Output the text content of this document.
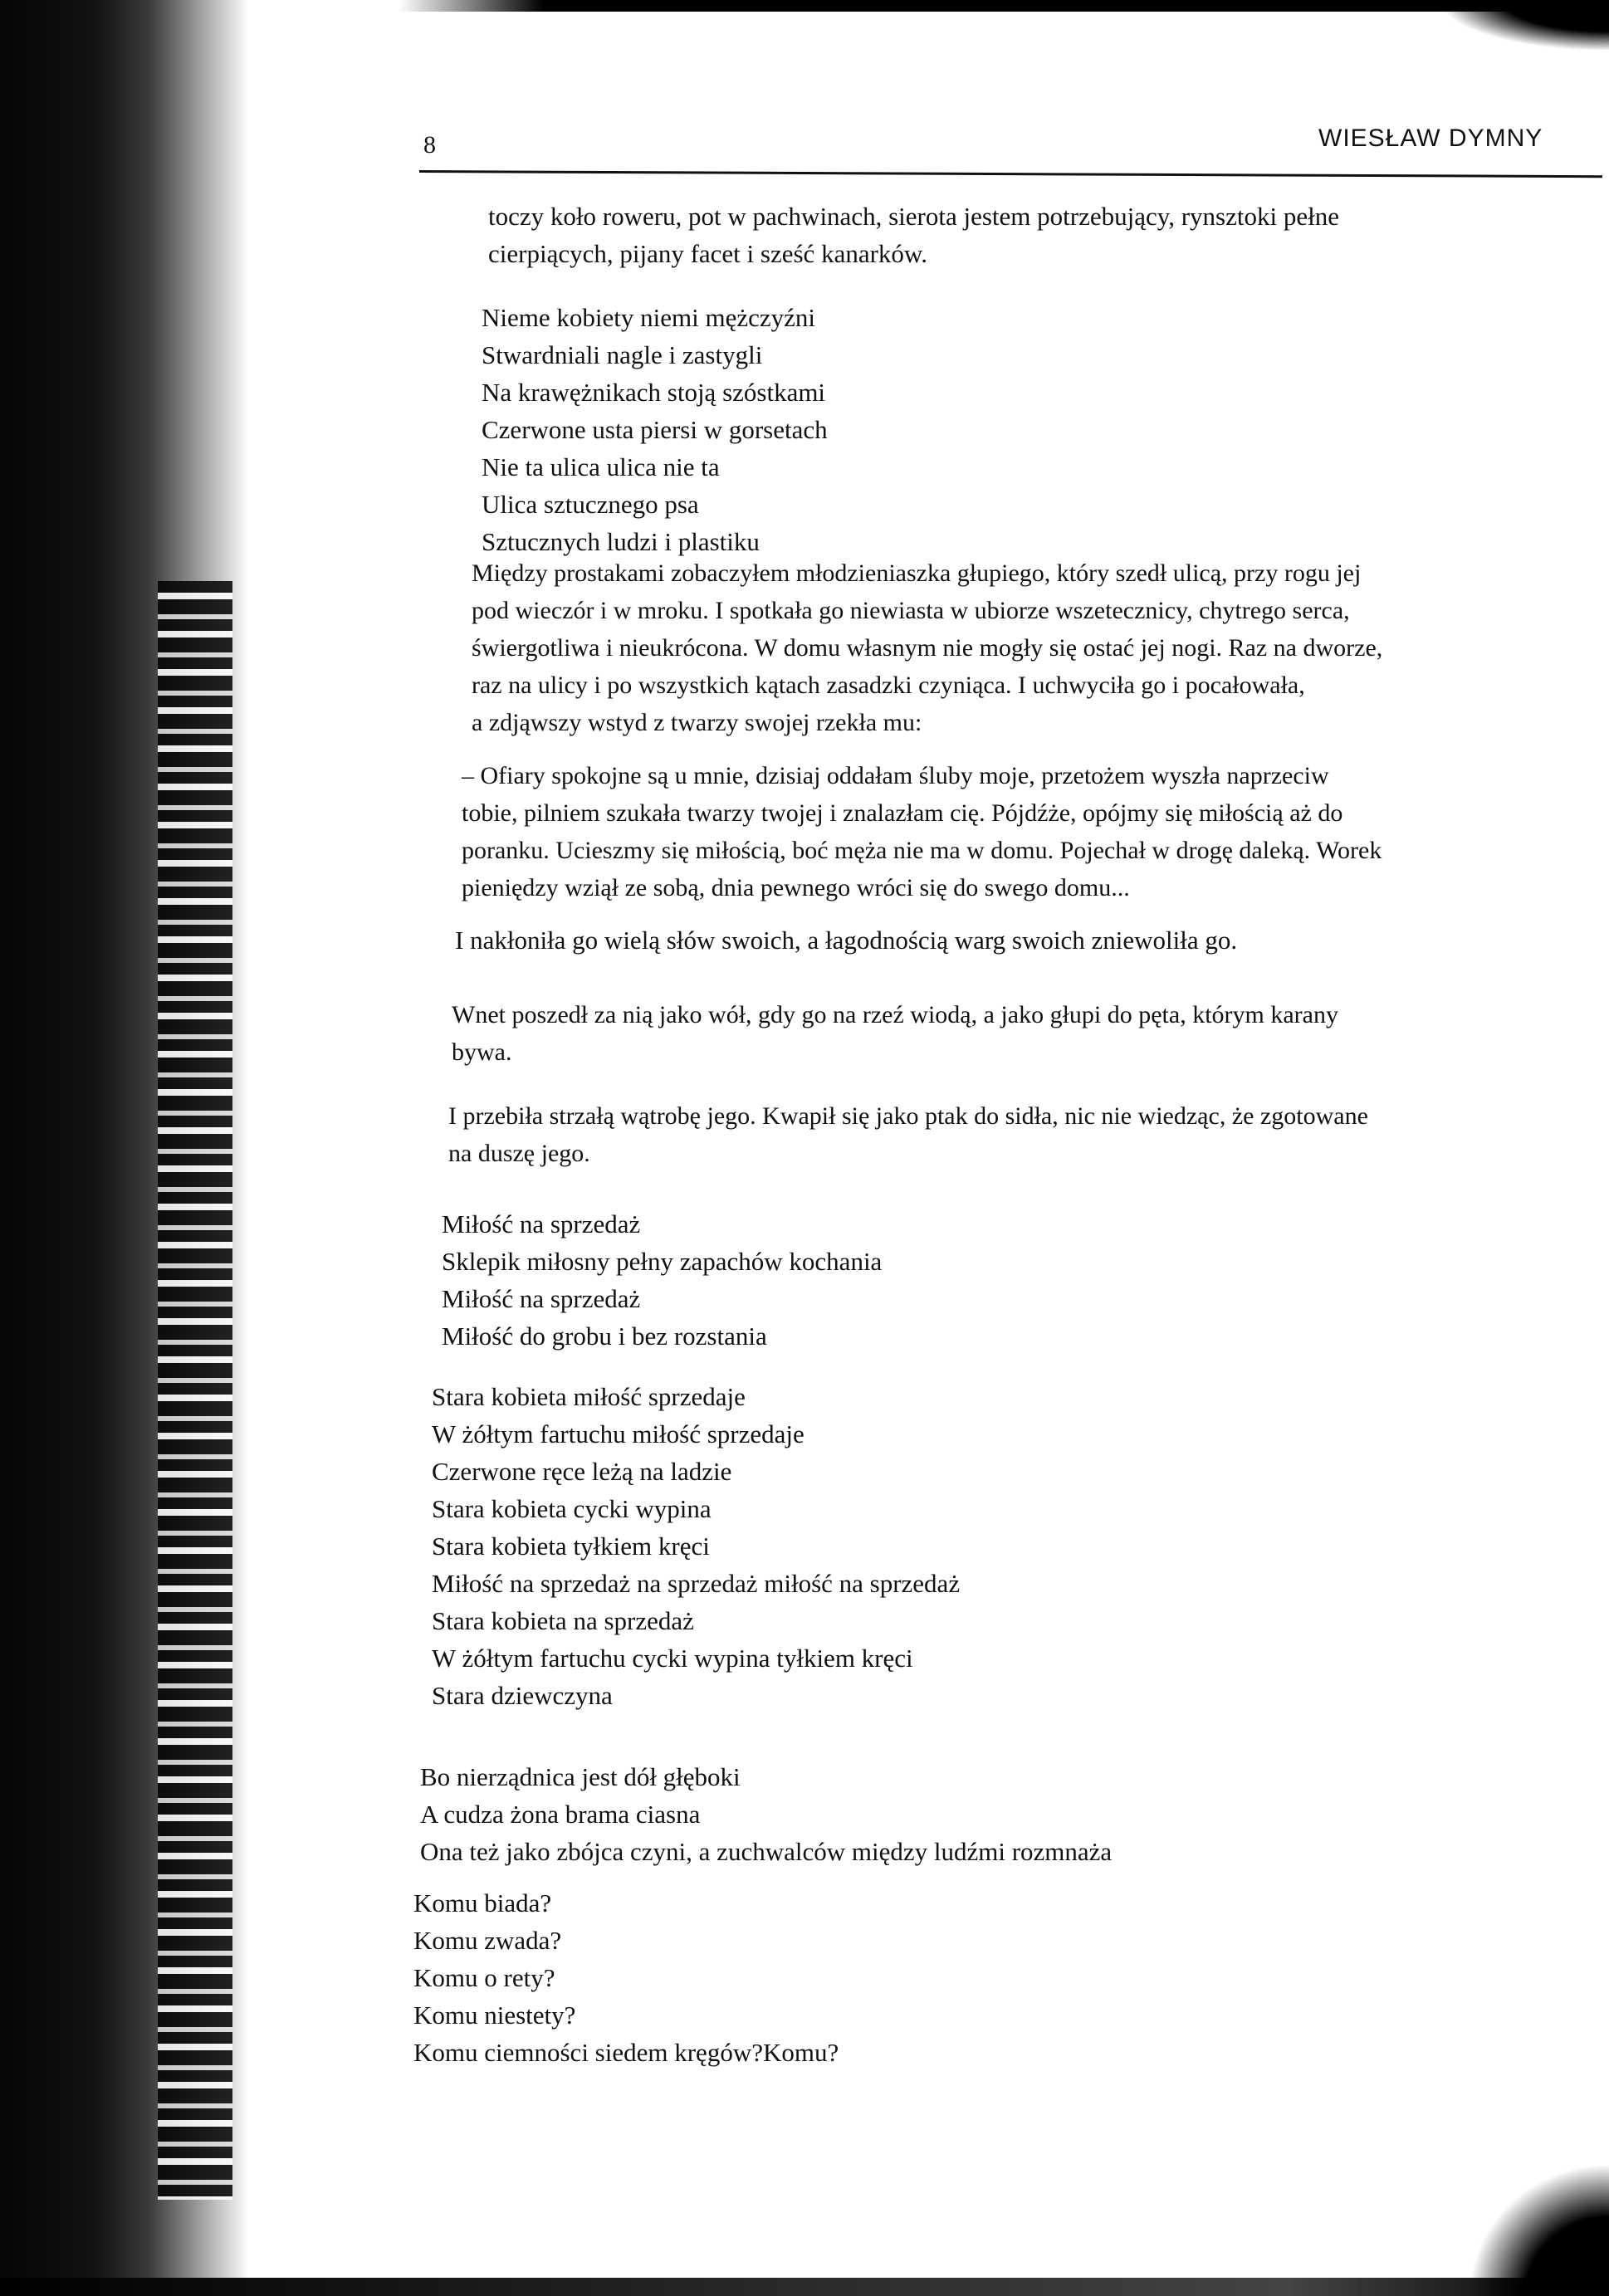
8	WIESŁAW DYMNY
toczy koło roweru, pot w pachwinach, sierota jestem potrzebujący, rynsztoki pełne
cierpiących, pijany facet i sześć kanarków.
Nieme kobiety niemi mężczyźni
Stwardniali nagle i zastygli
Na krawężnikach stoją szóstkami
Czerwone usta piersi w gorsetach
Nie ta ulica ulica nie ta
Ulica sztucznego psa
Sztucznych ludzi i plastiku
Między prostakami zobaczyłem młodzieniaszka głupiego, który szedł ulicą, przy rogu jej
pod wieczór i w mroku. I spotkała go niewiasta w ubiorze wszetecznicy, chytrego serca,
świergotliwa i nieukrócona. W domu własnym nie mogły się ostać jej nogi. Raz na dworze,
raz na ulicy i po wszystkich kątach zasadzki czyniąca. I uchwyciła go i pocałowała,
a zdjąwszy wstyd z twarzy swojej rzekła mu:
– Ofiary spokojne są u mnie, dzisiaj oddałam śluby moje, przetożem wyszła naprzeciw
tobie, pilniem szukała twarzy twojej i znalazłam cię. Pójdźże, opójmy się miłością aż do
poranku. Ucieszmy się miłością, boć męża nie ma w domu. Pojechał w drogę daleką. Worek
pieniędzy wziął ze sobą, dnia pewnego wróci się do swego domu...
I nakłoniła go wielą słów swoich, a łagodnością warg swoich zniewoliła go.
Wnet poszedł za nią jako wół, gdy go na rzeź wiodą, a jako głupi do pęta, którym karany
bywa.
I przebiła strzałą wątrobę jego. Kwapił się jako ptak do sidła, nic nie wiedząc, że zgotowane
na duszę jego.
Miłość na sprzedaż
Sklepik miłosny pełny zapachów kochania
Miłość na sprzedaż
Miłość do grobu i bez rozstania
Stara kobieta miłość sprzedaje
W żółtym fartuchu miłość sprzedaje
Czerwone ręce leżą na ladzie
Stara kobieta cycki wypina
Stara kobieta tyłkiem kręci
Miłość na sprzedaż na sprzedaż miłość na sprzedaż
Stara kobieta na sprzedaż
W żółtym fartuchu cycki wypina tyłkiem kręci
Stara dziewczyna
Bo nierządnica jest dół głęboki
A cudza żona brama ciasna
Ona też jako zbójca czyni, a zuchwalców między ludźmi rozmnaża
Komu biada?
Komu zwada?
Komu o rety?
Komu niestety?
Komu ciemności siedem kręgów?Komu?
